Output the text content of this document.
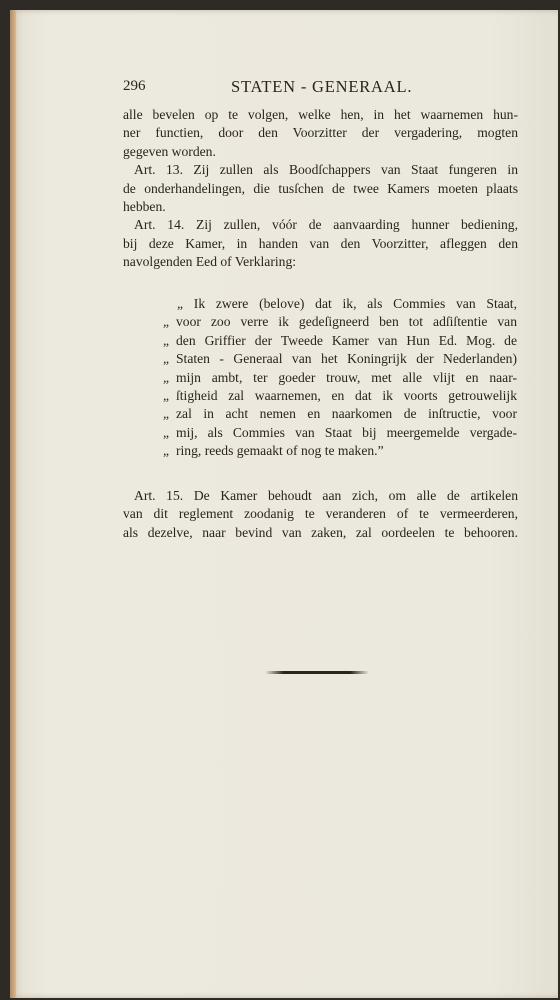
296	STATEN - GENERAAL.
alle bevelen op te volgen, welke hen, in het waarnemen hun-
ner functien, door den Voorzitter der vergadering, mogten
gegeven worden.
Art. 13. Zij zullen als Boodſchappers van Staat fungeren in
de onderhandelingen, die tusſchen de twee Kamers moeten plaats
hebben.
Art. 14. Zij zullen, vóór de aanvaarding hunner bediening,
bij deze Kamer, in handen van den Voorzitter, afleggen den
navolgenden Eed of Verklaring:
„ Ik zwere (belove) dat ik, als Commies van Staat,
„ voor zoo verre ik gedeſigneerd ben tot adſiſtentie van
„ den Griffier der Tweede Kamer van Hun Ed. Mog. de
„ Staten - Generaal van het Koningrijk der Nederlanden)
„ mijn ambt, ter goeder trouw, met alle vlijt en naar-
„ ſtigheid zal waarnemen, en dat ik voorts getrouwelijk
„ zal in acht nemen en naarkomen de inſtructie, voor
„ mij, als Commies van Staat bij meergemelde vergade-
„ ring, reeds gemaakt of nog te maken.”
Art. 15. De Kamer behoudt aan zich, om alle de artikelen
van dit reglement zoodanig te veranderen of te vermeerderen,
als dezelve, naar bevind van zaken, zal oordeelen te behooren.
